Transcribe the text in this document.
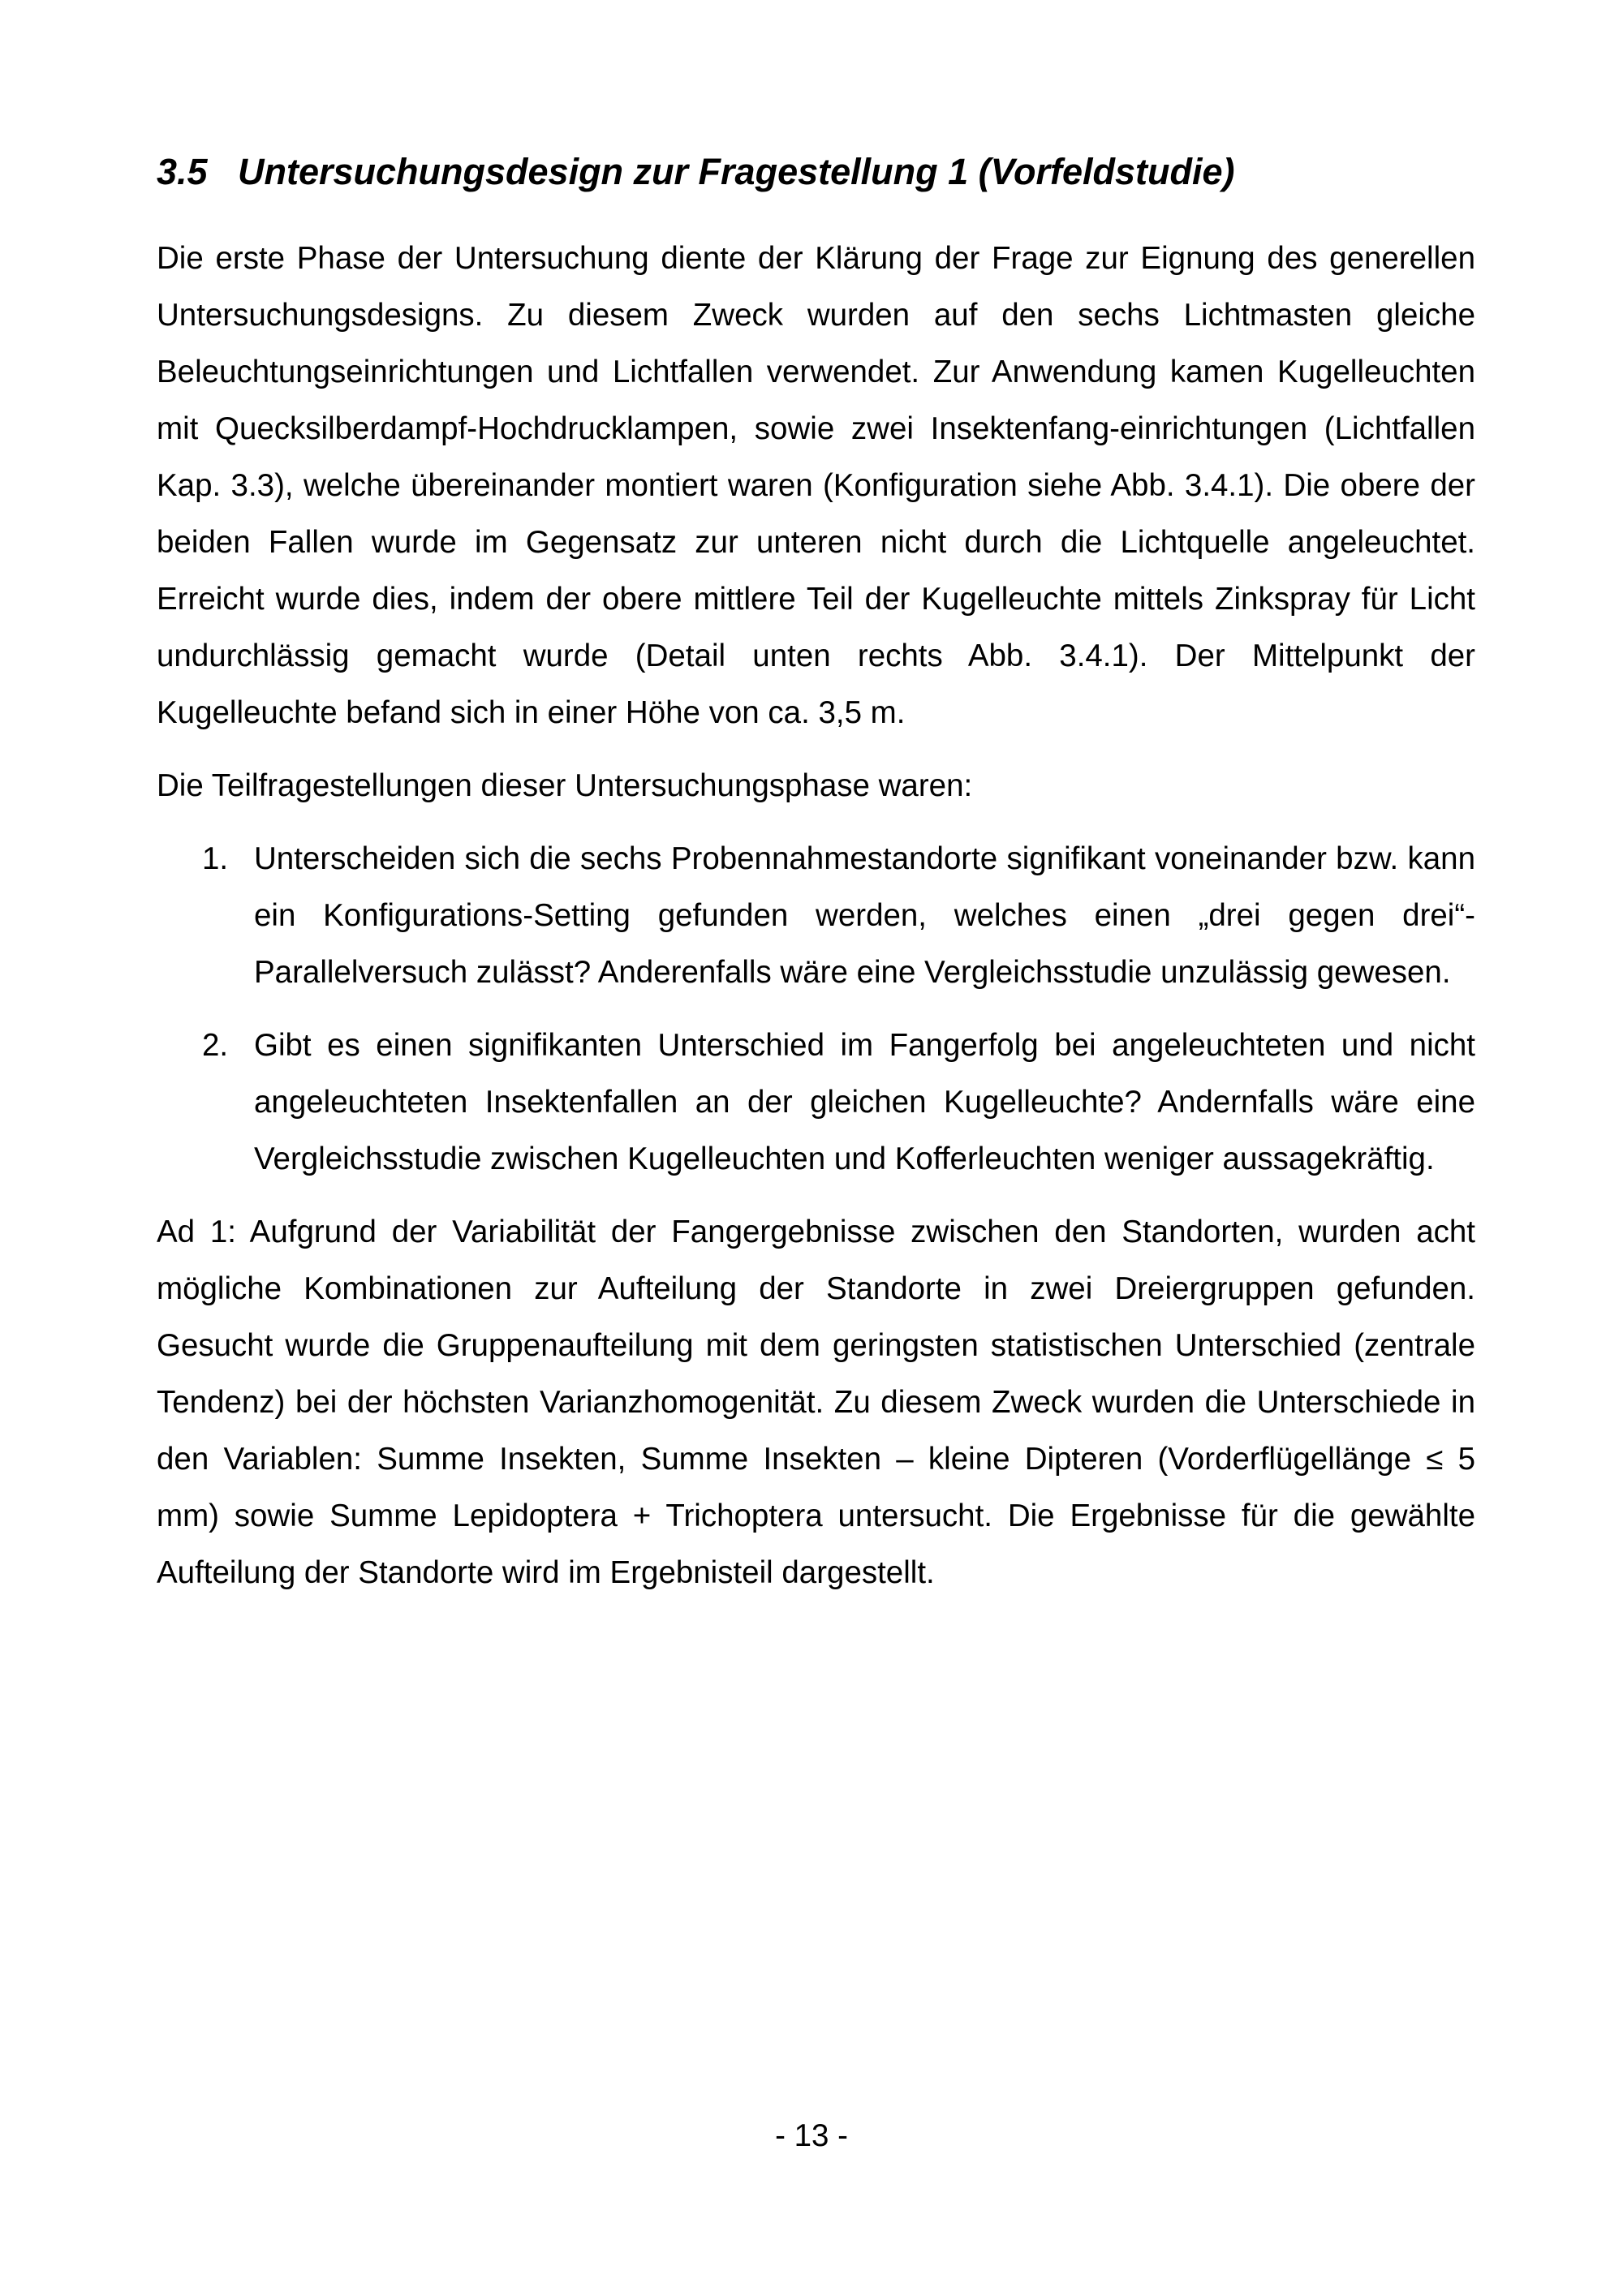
3.5 Untersuchungsdesign zur Fragestellung 1 (Vorfeldstudie)

Die erste Phase der Untersuchung diente der Klärung der Frage zur Eignung des generellen Untersuchungsdesigns. Zu diesem Zweck wurden auf den sechs Lichtmasten gleiche Beleuchtungseinrichtungen und Lichtfallen verwendet. Zur Anwendung kamen Kugelleuchten mit Quecksilberdampf-Hochdrucklampen, sowie zwei Insektenfang-einrichtungen (Lichtfallen Kap. 3.3), welche übereinander montiert waren (Konfiguration siehe Abb. 3.4.1). Die obere der beiden Fallen wurde im Gegensatz zur unteren nicht durch die Lichtquelle angeleuchtet. Erreicht wurde dies, indem der obere mittlere Teil der Kugelleuchte mittels Zinkspray für Licht undurchlässig gemacht wurde (Detail unten rechts Abb. 3.4.1). Der Mittelpunkt der Kugelleuchte befand sich in einer Höhe von ca. 3,5 m.

Die Teilfragestellungen dieser Untersuchungsphase waren:

1. Unterscheiden sich die sechs Probennahmestandorte signifikant voneinander bzw. kann ein Konfigurations-Setting gefunden werden, welches einen „drei gegen drei“-Parallelversuch zulässt? Anderenfalls wäre eine Vergleichsstudie unzulässig gewesen.
2. Gibt es einen signifikanten Unterschied im Fangerfolg bei angeleuchteten und nicht angeleuchteten Insektenfallen an der gleichen Kugelleuchte? Andernfalls wäre eine Vergleichsstudie zwischen Kugelleuchten und Kofferleuchten weniger aussagekräftig.

Ad 1: Aufgrund der Variabilität der Fangergebnisse zwischen den Standorten, wurden acht mögliche Kombinationen zur Aufteilung der Standorte in zwei Dreiergruppen gefunden. Gesucht wurde die Gruppenaufteilung mit dem geringsten statistischen Unterschied (zentrale Tendenz) bei der höchsten Varianzhomogenität. Zu diesem Zweck wurden die Unterschiede in den Variablen: Summe Insekten, Summe Insekten – kleine Dipteren (Vorderflügellänge ≤ 5 mm) sowie Summe Lepidoptera + Trichoptera untersucht. Die Ergebnisse für die gewählte Aufteilung der Standorte wird im Ergebnisteil dargestellt.

- 13 -
